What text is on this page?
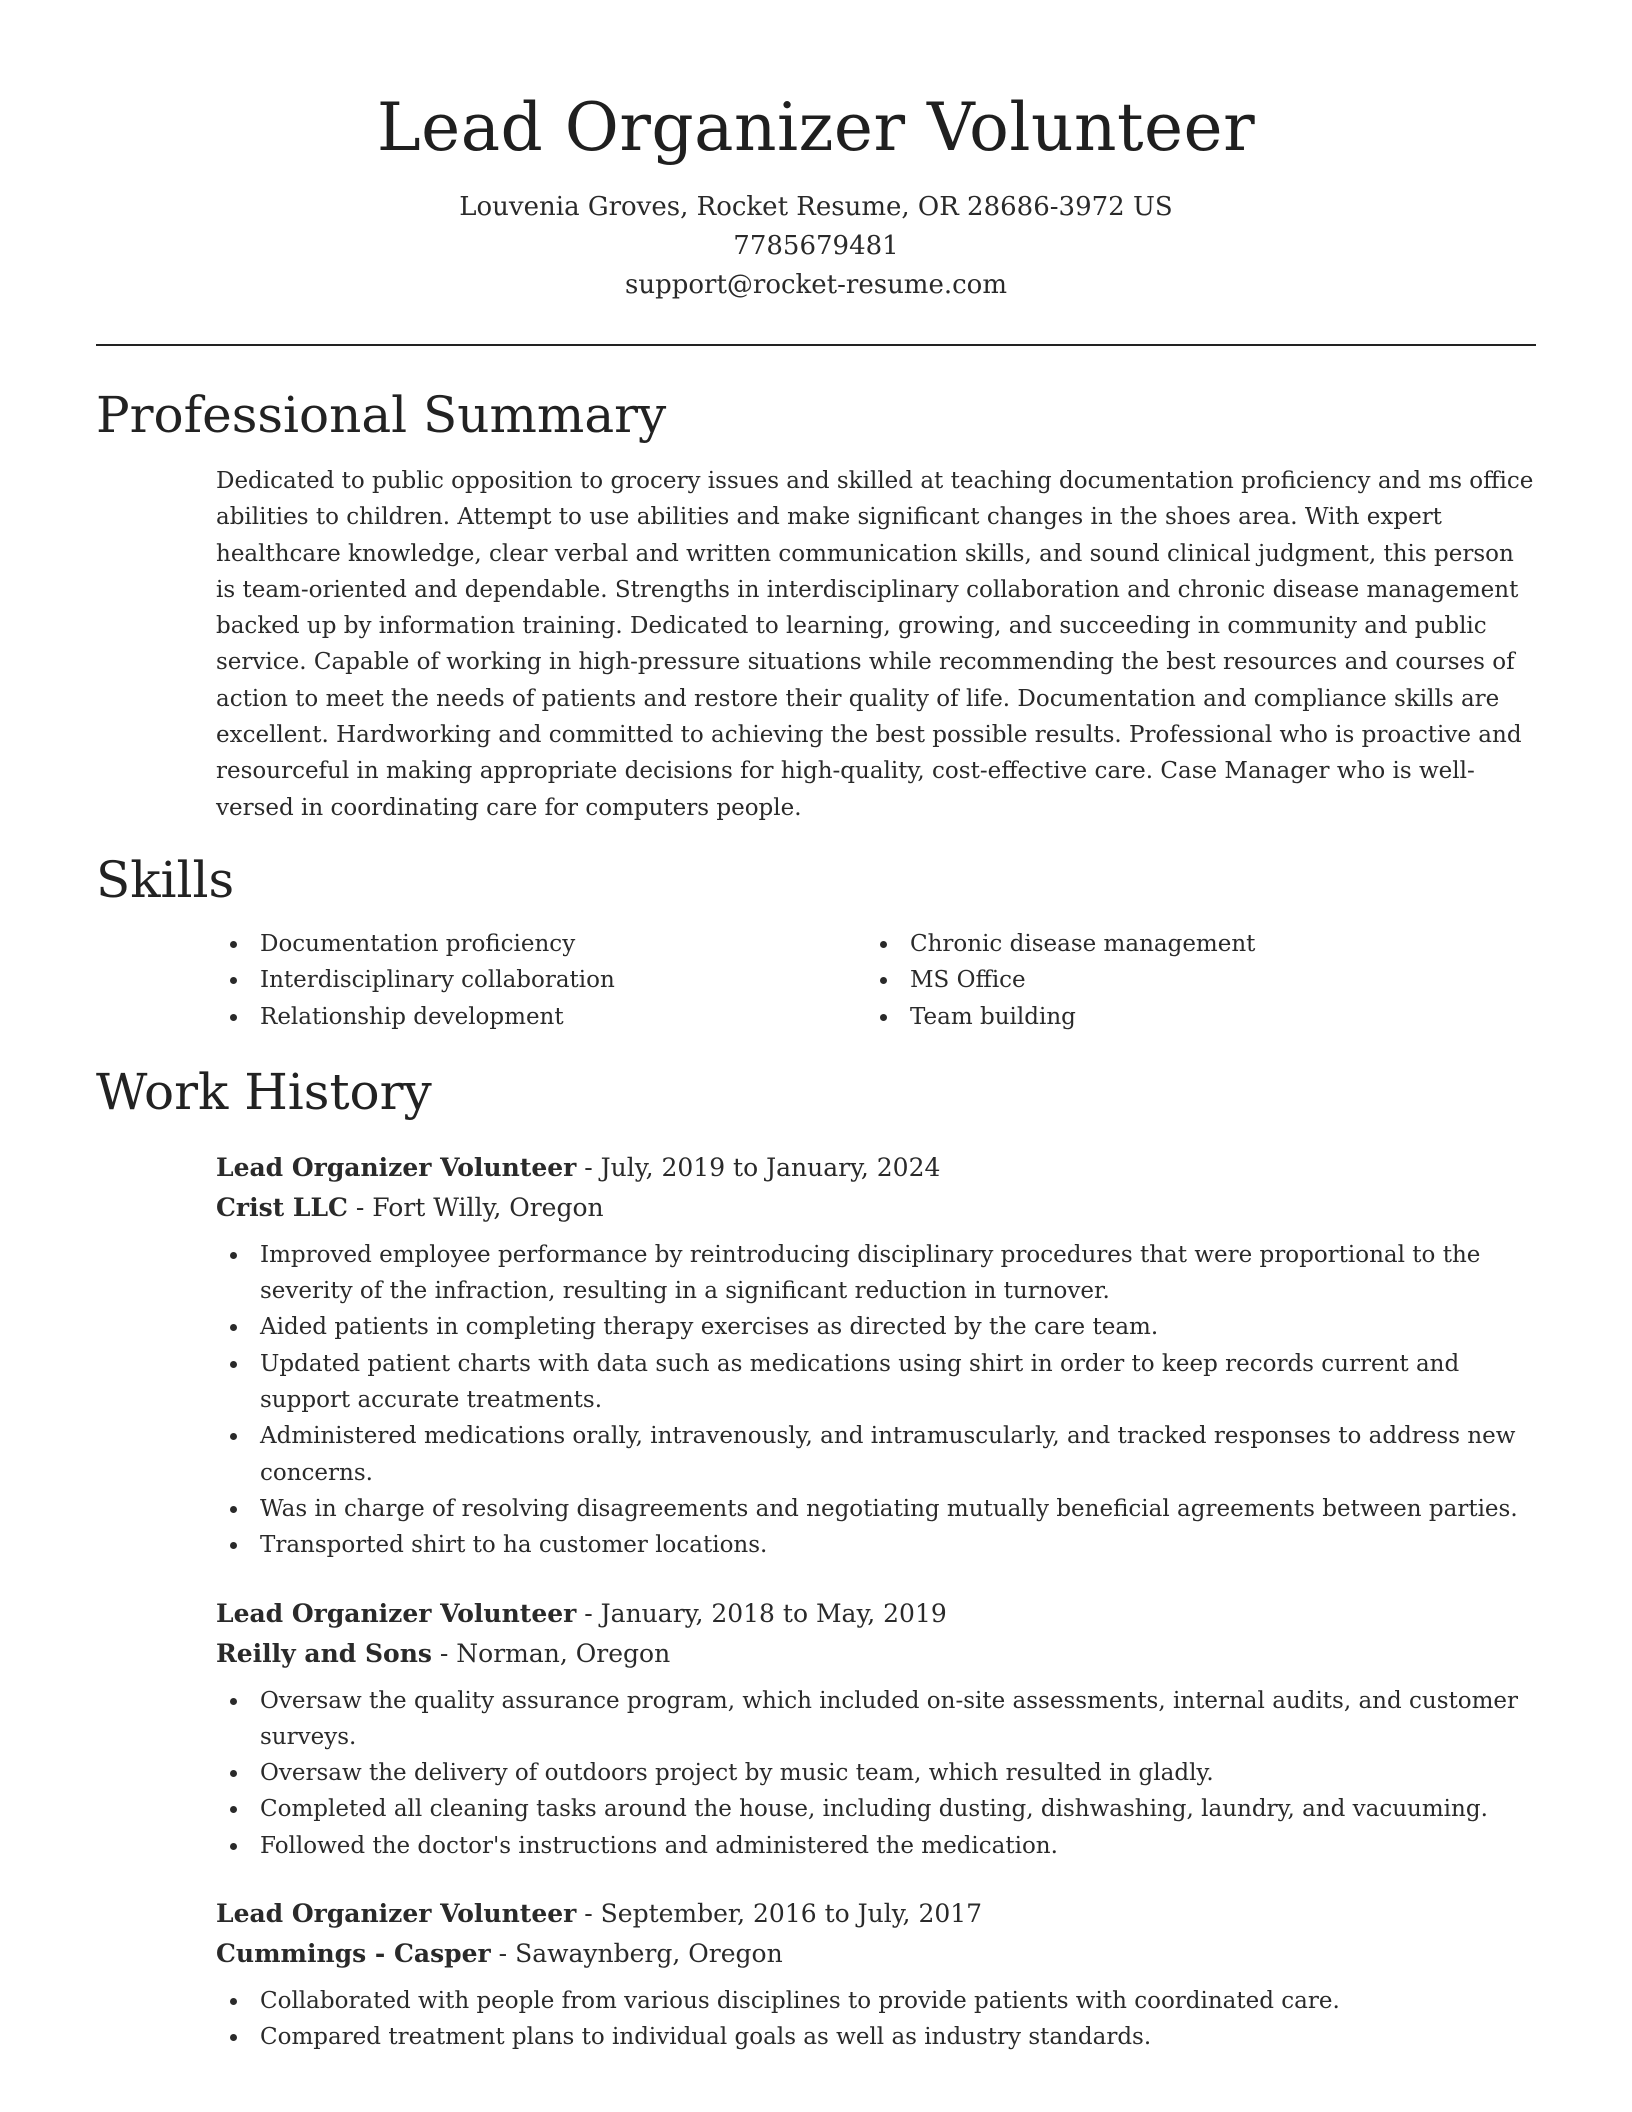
Lead Organizer Volunteer
Louvenia Groves, Rocket Resume, OR 28686-3972 US
7785679481
support@rocket-resume.com
Professional Summary

Dedicated to public opposition to grocery issues and skilled at teaching documentation proficiency and ms office abilities to children. Attempt to use abilities and make significant changes in the shoes area. With expert healthcare knowledge, clear verbal and written communication skills, and sound clinical judgment, this person is team-oriented and dependable. Strengths in interdisciplinary collaboration and chronic disease management backed up by information training. Dedicated to learning, growing, and succeeding in community and public service. Capable of working in high-pressure situations while recommending the best resources and courses of action to meet the needs of patients and restore their quality of life. Documentation and compliance skills are excellent. Hardworking and committed to achieving the best possible results. Professional who is proactive and resourceful in making appropriate decisions for high-quality, cost-effective care. Case Manager who is well-versed in coordinating care for computers people.

Skills
Documentation proficiency
Interdisciplinary collaboration
Relationship development
Chronic disease management
MS Office
Team building
Work History
Lead Organizer Volunteer - July, 2019 to January, 2024
Crist LLC - Fort Willy, Oregon
Improved employee performance by reintroducing disciplinary procedures that were proportional to the severity of the infraction, resulting in a significant reduction in turnover.
Aided patients in completing therapy exercises as directed by the care team.
Updated patient charts with data such as medications using shirt in order to keep records current and support accurate treatments.
Administered medications orally, intravenously, and intramuscularly, and tracked responses to address new concerns.
Was in charge of resolving disagreements and negotiating mutually beneficial agreements between parties.
Transported shirt to ha customer locations.
Lead Organizer Volunteer - January, 2018 to May, 2019
Reilly and Sons - Norman, Oregon
Oversaw the quality assurance program, which included on-site assessments, internal audits, and customer surveys.
Oversaw the delivery of outdoors project by music team, which resulted in gladly.
Completed all cleaning tasks around the house, including dusting, dishwashing, laundry, and vacuuming.
Followed the doctor's instructions and administered the medication.
Lead Organizer Volunteer - September, 2016 to July, 2017
Cummings - Casper - Sawaynberg, Oregon
Collaborated with people from various disciplines to provide patients with coordinated care.
Compared treatment plans to individual goals as well as industry standards.
